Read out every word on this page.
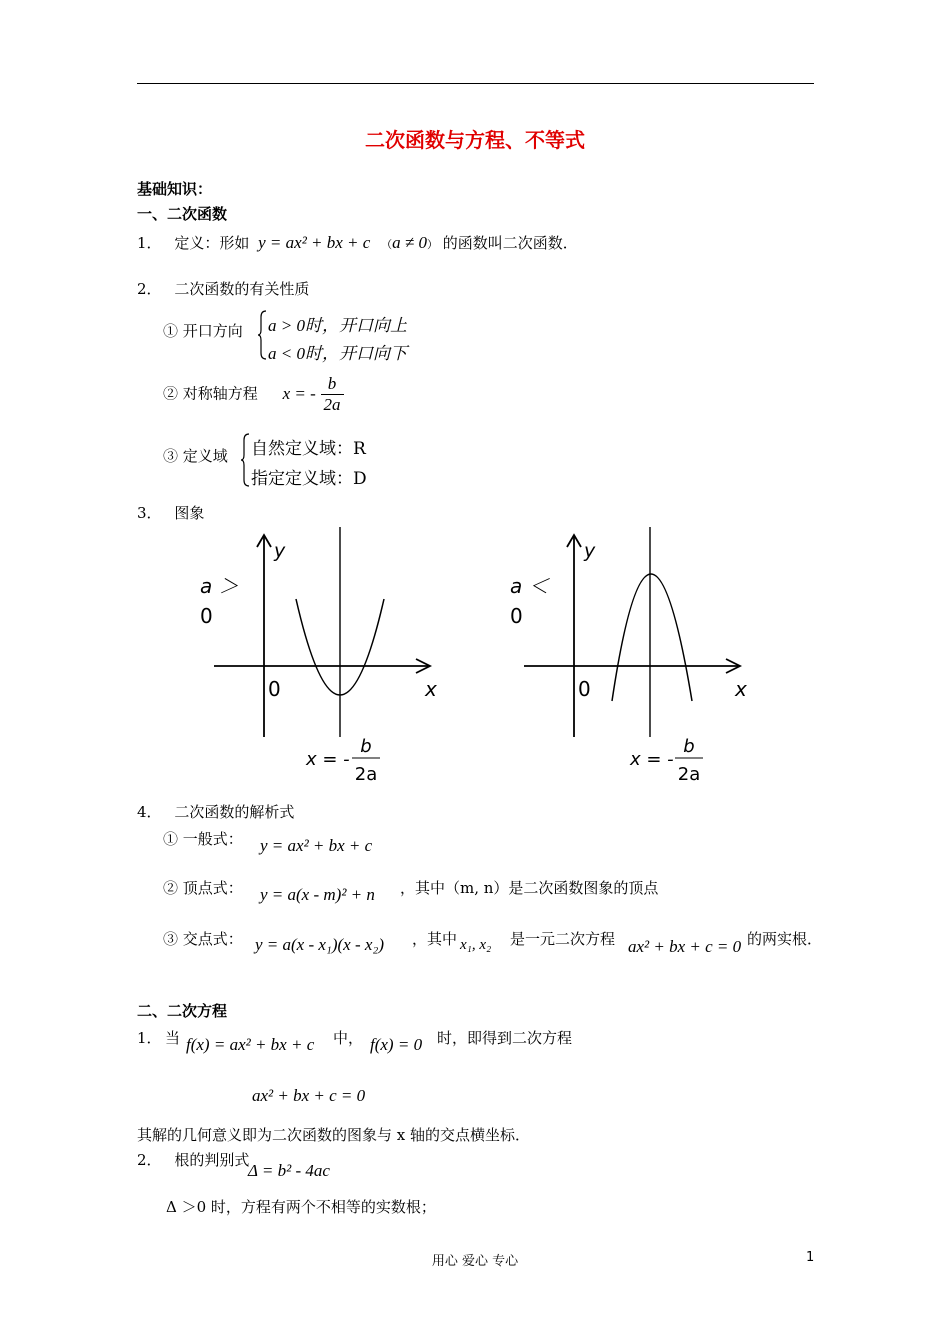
二次函数与方程、不等式
基础知识：
一、二次函数
1． 定义：形如 y = ax² + bx + c （a ≠ 0） 的函数叫二次函数．
2． 二次函数的有关性质
① 开口方向 a > 0时，开口向上
a < 0时，开口向下
② 对称轴方程 x = - $\frac{b}{2a}$
③ 定义域 自然定义域：R
指定定义域：D
3． 图象
y
a ＞
0
0	x
x = -
b
2a
y
a ＜
0
0	x
x = -
b
2a
4． 二次函数的解析式
① 一般式： y = ax² + bx + c
② 顶点式： y = a(x - m)² + n ，其中（m, n）是二次函数图象的顶点
③ 交点式： y = a(x - x₁)(x - x₂) ，其中 x₁, x₂ 是一元二次方程 ax² + bx + c = 0 的两实根．
二、二次方程
1． 当 f(x) = ax² + bx + c 中， f(x) = 0 时，即得到二次方程
ax² + bx + c = 0
其解的几何意义即为二次函数的图象与 x 轴的交点横坐标．
2． 根的判别式
Δ = b² - 4ac
Δ ＞0 时，方程有两个不相等的实数根；
用心 爱心 专心	1
